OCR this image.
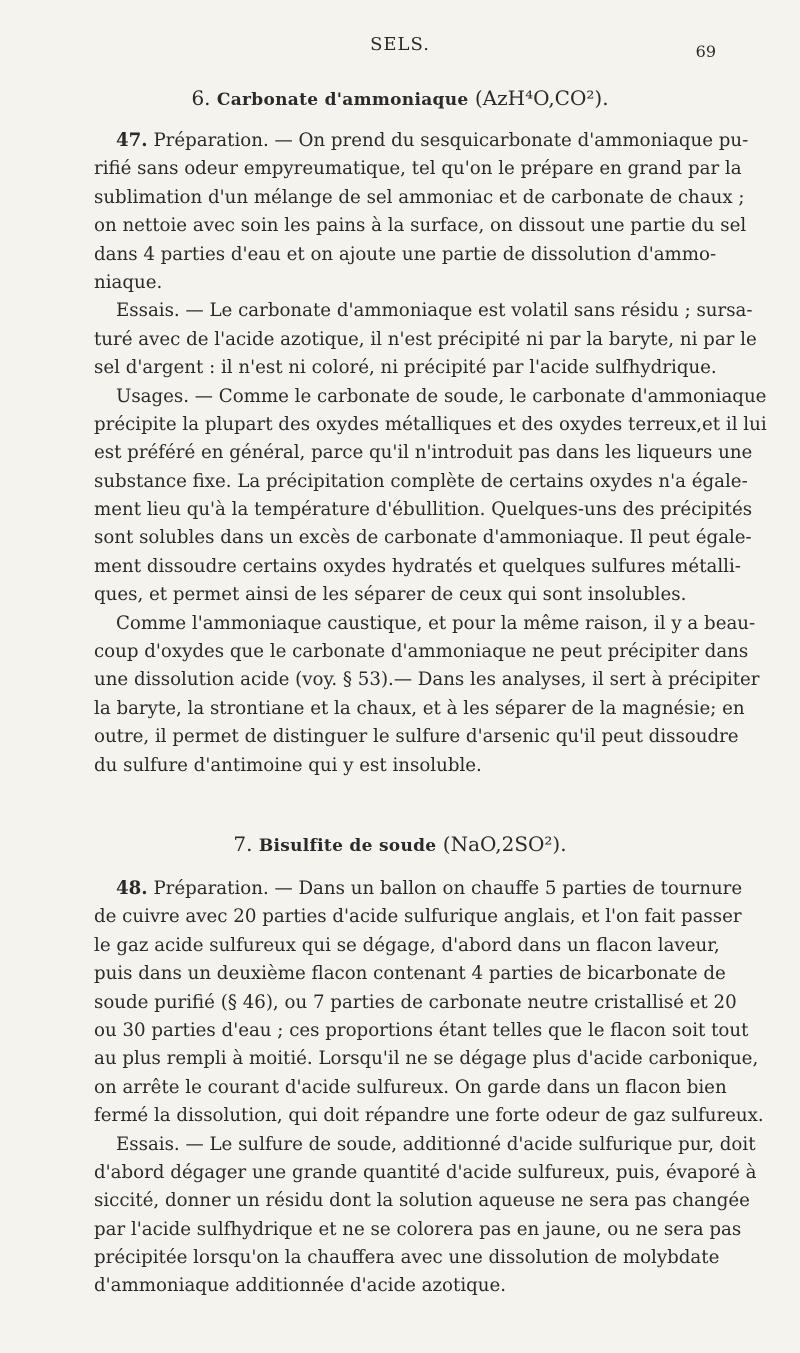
SELS.	69
6. Carbonate d'ammoniaque (AzH⁴O,CO²).
47. Préparation. — On prend du sesquicarbonate d'ammoniaque pu-
rifié sans odeur empyreumatique, tel qu'on le prépare en grand par la
sublimation d'un mélange de sel ammoniac et de carbonate de chaux ;
on nettoie avec soin les pains à la surface, on dissout une partie du sel
dans 4 parties d'eau et on ajoute une partie de dissolution d'ammo-
niaque.
Essais. — Le carbonate d'ammoniaque est volatil sans résidu ; sursa-
turé avec de l'acide azotique, il n'est précipité ni par la baryte, ni par le
sel d'argent : il n'est ni coloré, ni précipité par l'acide sulfhydrique.
Usages. — Comme le carbonate de soude, le carbonate d'ammoniaque
précipite la plupart des oxydes métalliques et des oxydes terreux,et il lui
est préféré en général, parce qu'il n'introduit pas dans les liqueurs une
substance fixe. La précipitation complète de certains oxydes n'a égale-
ment lieu qu'à la température d'ébullition. Quelques-uns des précipités
sont solubles dans un excès de carbonate d'ammoniaque. Il peut égale-
ment dissoudre certains oxydes hydratés et quelques sulfures métalli-
ques, et permet ainsi de les séparer de ceux qui sont insolubles.
Comme l'ammoniaque caustique, et pour la même raison, il y a beau-
coup d'oxydes que le carbonate d'ammoniaque ne peut précipiter dans
une dissolution acide (voy. § 53).— Dans les analyses, il sert à précipiter
la baryte, la strontiane et la chaux, et à les séparer de la magnésie; en
outre, il permet de distinguer le sulfure d'arsenic qu'il peut dissoudre
du sulfure d'antimoine qui y est insoluble.
7. Bisulfite de soude (NaO,2SO²).
48. Préparation. — Dans un ballon on chauffe 5 parties de tournure
de cuivre avec 20 parties d'acide sulfurique anglais, et l'on fait passer
le gaz acide sulfureux qui se dégage, d'abord dans un flacon laveur,
puis dans un deuxième flacon contenant 4 parties de bicarbonate de
soude purifié (§ 46), ou 7 parties de carbonate neutre cristallisé et 20
ou 30 parties d'eau ; ces proportions étant telles que le flacon soit tout
au plus rempli à moitié. Lorsqu'il ne se dégage plus d'acide carbonique,
on arrête le courant d'acide sulfureux. On garde dans un flacon bien
fermé la dissolution, qui doit répandre une forte odeur de gaz sulfureux.
Essais. — Le sulfure de soude, additionné d'acide sulfurique pur, doit
d'abord dégager une grande quantité d'acide sulfureux, puis, évaporé à
siccité, donner un résidu dont la solution aqueuse ne sera pas changée
par l'acide sulfhydrique et ne se colorera pas en jaune, ou ne sera pas
précipitée lorsqu'on la chauffera avec une dissolution de molybdate
d'ammoniaque additionnée d'acide azotique.
